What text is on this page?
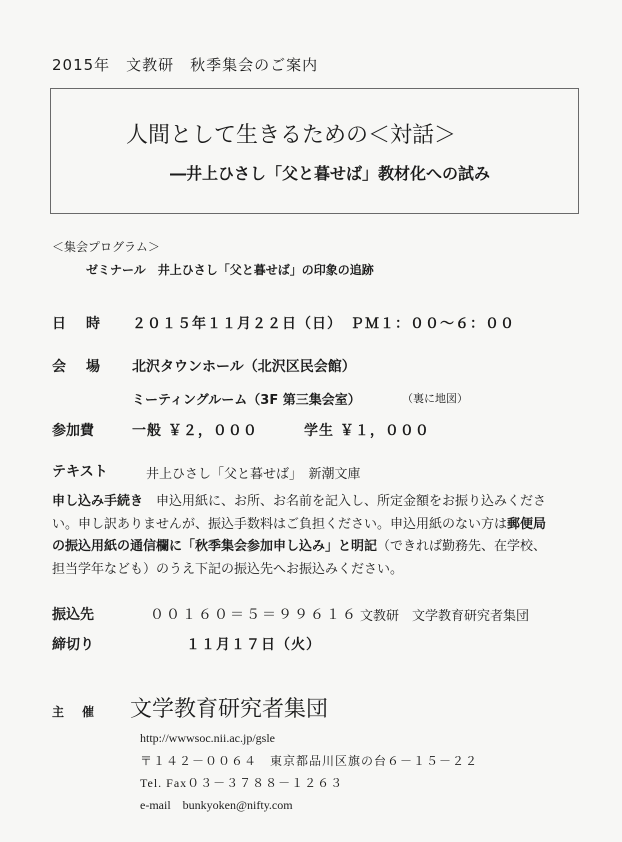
2015年　文教研　秋季集会のご案内
人間として生きるための＜対話＞
―井上ひさし「父と暮せば」教材化への試み
＜集会プログラム＞
ゼミナール　井上ひさし「父と暮せば」の印象の追跡
日　時 ２０１５年１１月２２日（日）　ＰＭ１：００～６：００
会　場 北沢タウンホール（北沢区民会館）
ミーティングルーム（3F 第三集会室）	（裏に地図）
参加費	一般 ￥２，０００	学生 ￥１，０００
テキスト	井上ひさし「父と暮せば」　新潮文庫
申し込み手続き　 申込用紙に、お所、お名前を記入し、所定金額をお振り込みください。申し訳ありませんが、振込手数料はご負担ください。申込用紙のない方は郵便局の振込用紙の通信欄に「秋季集会参加申し込み」と明記（できれば勤務先、在学校、担当学年なども）のうえ下記の振込先へお振込みください。
振込先	００１６０＝５＝９９６１６ 文教研　文学教育研究者集団
締切り	１１月１７日（火）
主　催 文学教育研究者集団
http://wwwsoc.nii.ac.jp/gsle
〒１４２－００６４　東京都品川区旗の台６－１５－２２
Tel. Fax０３－３７８８－１２６３
e-mail　bunkyoken@nifty.com
